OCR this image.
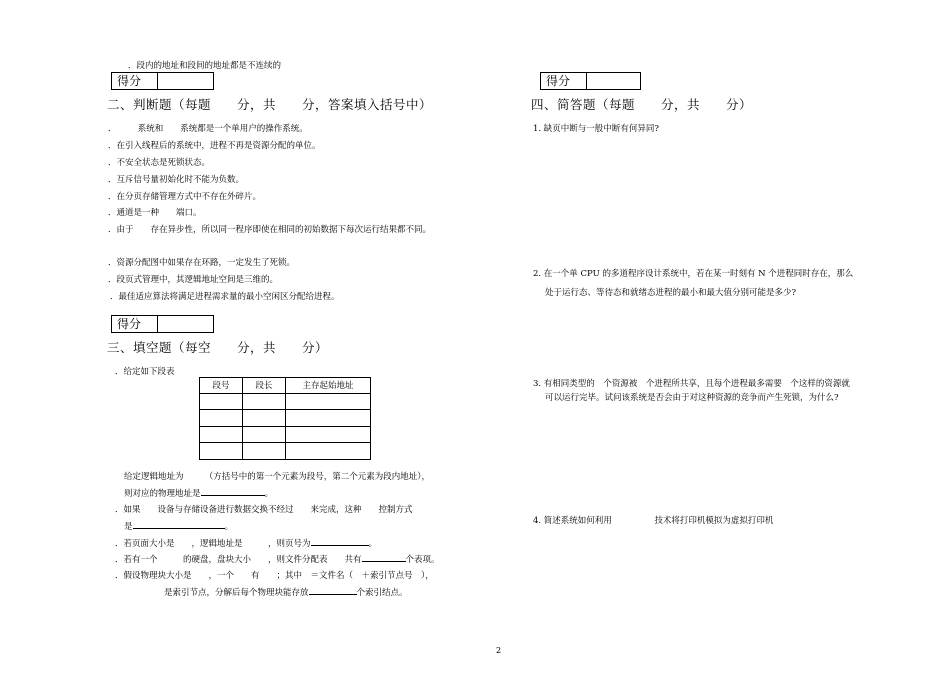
．段内的地址和段间的地址都是不连续的
得分
二、判断题（每题　　分，共　　分，答案填入括号中）
．　　　系统和　　系统都是一个单用户的操作系统。
．在引入线程后的系统中，进程不再是资源分配的单位。
．不安全状态是死锁状态。
．互斥信号量初始化时不能为负数。
．在分页存储管理方式中不存在外碎片。
．通道是一种　　端口。
．由于　　存在异步性，所以同一程序即使在相同的初始数据下每次运行结果都不同。
．资源分配图中如果存在环路，一定发生了死锁。
．段页式管理中，其逻辑地址空间是三维的。
．最佳适应算法将满足进程需求量的最小空闲区分配给进程。
得分
三、填空题（每空　　分，共　　分）
．给定如下段表
段号	段长	主存起始地址

给定逻辑地址为　　　（方括号中的第一个元素为段号，第二个元素为段内地址），
则对应的物理地址是	。
．如果　　设备与存储设备进行数据交换不经过　　来完成，这种　　控制方式
是	。
．若页面大小是　　，逻辑地址是　　　，则页号为	。
．若有一个　　　的硬盘，盘块大小　　，则文件分配表　　共有	个表项。
．假设物理块大小是　　，一个　　有　　；其中　＝文件名（　＋索引节点号　），
是索引节点，分解后每个物理块能存放	个索引结点。
得分
四、简答题（每题　　分，共　　分）
1. 缺页中断与一般中断有何异同?
2. 在一个单 CPU 的多道程序设计系统中，若在某一时刻有 N 个进程同时存在，那么
处于运行态、等待态和就绪态进程的最小和最大值分别可能是多少?
3. 有相同类型的　个资源被　个进程所共享，且每个进程最多需要　个这样的资源就
可以运行完毕。试问该系统是否会由于对这种资源的竞争而产生死锁，为什么?
4. 简述系统如何利用　　　　　技术将打印机模拟为虚拟打印机
2
